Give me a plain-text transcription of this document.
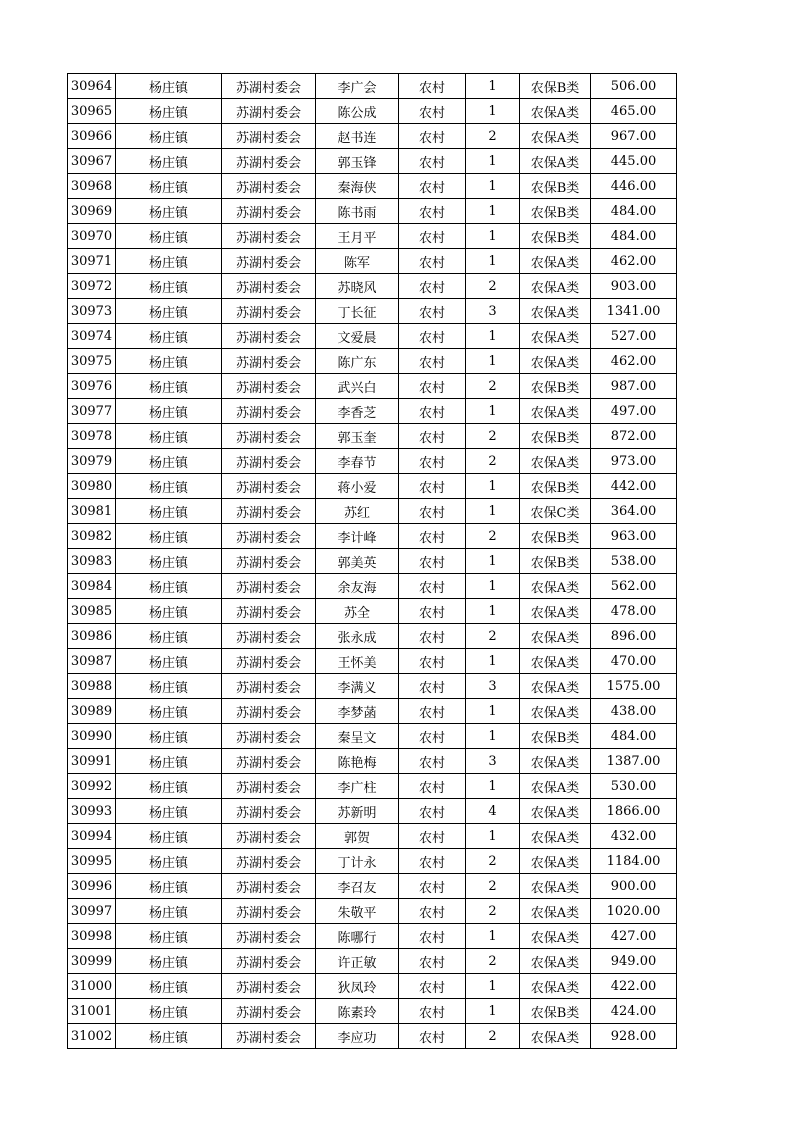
30964	杨庄镇	苏湖村委会	李广会	农村	1	农保B类	506.00
30965	杨庄镇	苏湖村委会	陈公成	农村	1	农保A类	465.00
30966	杨庄镇	苏湖村委会	赵书连	农村	2	农保A类	967.00
30967	杨庄镇	苏湖村委会	郭玉锋	农村	1	农保A类	445.00
30968	杨庄镇	苏湖村委会	秦海侠	农村	1	农保B类	446.00
30969	杨庄镇	苏湖村委会	陈书雨	农村	1	农保B类	484.00
30970	杨庄镇	苏湖村委会	王月平	农村	1	农保B类	484.00
30971	杨庄镇	苏湖村委会	陈军	农村	1	农保A类	462.00
30972	杨庄镇	苏湖村委会	苏晓风	农村	2	农保A类	903.00
30973	杨庄镇	苏湖村委会	丁长征	农村	3	农保A类	1341.00
30974	杨庄镇	苏湖村委会	文爱晨	农村	1	农保A类	527.00
30975	杨庄镇	苏湖村委会	陈广东	农村	1	农保A类	462.00
30976	杨庄镇	苏湖村委会	武兴白	农村	2	农保B类	987.00
30977	杨庄镇	苏湖村委会	李香芝	农村	1	农保A类	497.00
30978	杨庄镇	苏湖村委会	郭玉奎	农村	2	农保B类	872.00
30979	杨庄镇	苏湖村委会	李春节	农村	2	农保A类	973.00
30980	杨庄镇	苏湖村委会	蒋小爱	农村	1	农保B类	442.00
30981	杨庄镇	苏湖村委会	苏红	农村	1	农保C类	364.00
30982	杨庄镇	苏湖村委会	李计峰	农村	2	农保B类	963.00
30983	杨庄镇	苏湖村委会	郭美英	农村	1	农保B类	538.00
30984	杨庄镇	苏湖村委会	余友海	农村	1	农保A类	562.00
30985	杨庄镇	苏湖村委会	苏全	农村	1	农保A类	478.00
30986	杨庄镇	苏湖村委会	张永成	农村	2	农保A类	896.00
30987	杨庄镇	苏湖村委会	王怀美	农村	1	农保A类	470.00
30988	杨庄镇	苏湖村委会	李满义	农村	3	农保A类	1575.00
30989	杨庄镇	苏湖村委会	李梦菡	农村	1	农保A类	438.00
30990	杨庄镇	苏湖村委会	秦呈文	农村	1	农保B类	484.00
30991	杨庄镇	苏湖村委会	陈艳梅	农村	3	农保A类	1387.00
30992	杨庄镇	苏湖村委会	李广柱	农村	1	农保A类	530.00
30993	杨庄镇	苏湖村委会	苏新明	农村	4	农保A类	1866.00
30994	杨庄镇	苏湖村委会	郭贺	农村	1	农保A类	432.00
30995	杨庄镇	苏湖村委会	丁计永	农村	2	农保A类	1184.00
30996	杨庄镇	苏湖村委会	李召友	农村	2	农保A类	900.00
30997	杨庄镇	苏湖村委会	朱敬平	农村	2	农保A类	1020.00
30998	杨庄镇	苏湖村委会	陈哪行	农村	1	农保A类	427.00
30999	杨庄镇	苏湖村委会	许正敏	农村	2	农保A类	949.00
31000	杨庄镇	苏湖村委会	狄凤玲	农村	1	农保A类	422.00
31001	杨庄镇	苏湖村委会	陈素玲	农村	1	农保B类	424.00
31002	杨庄镇	苏湖村委会	李应功	农村	2	农保A类	928.00
